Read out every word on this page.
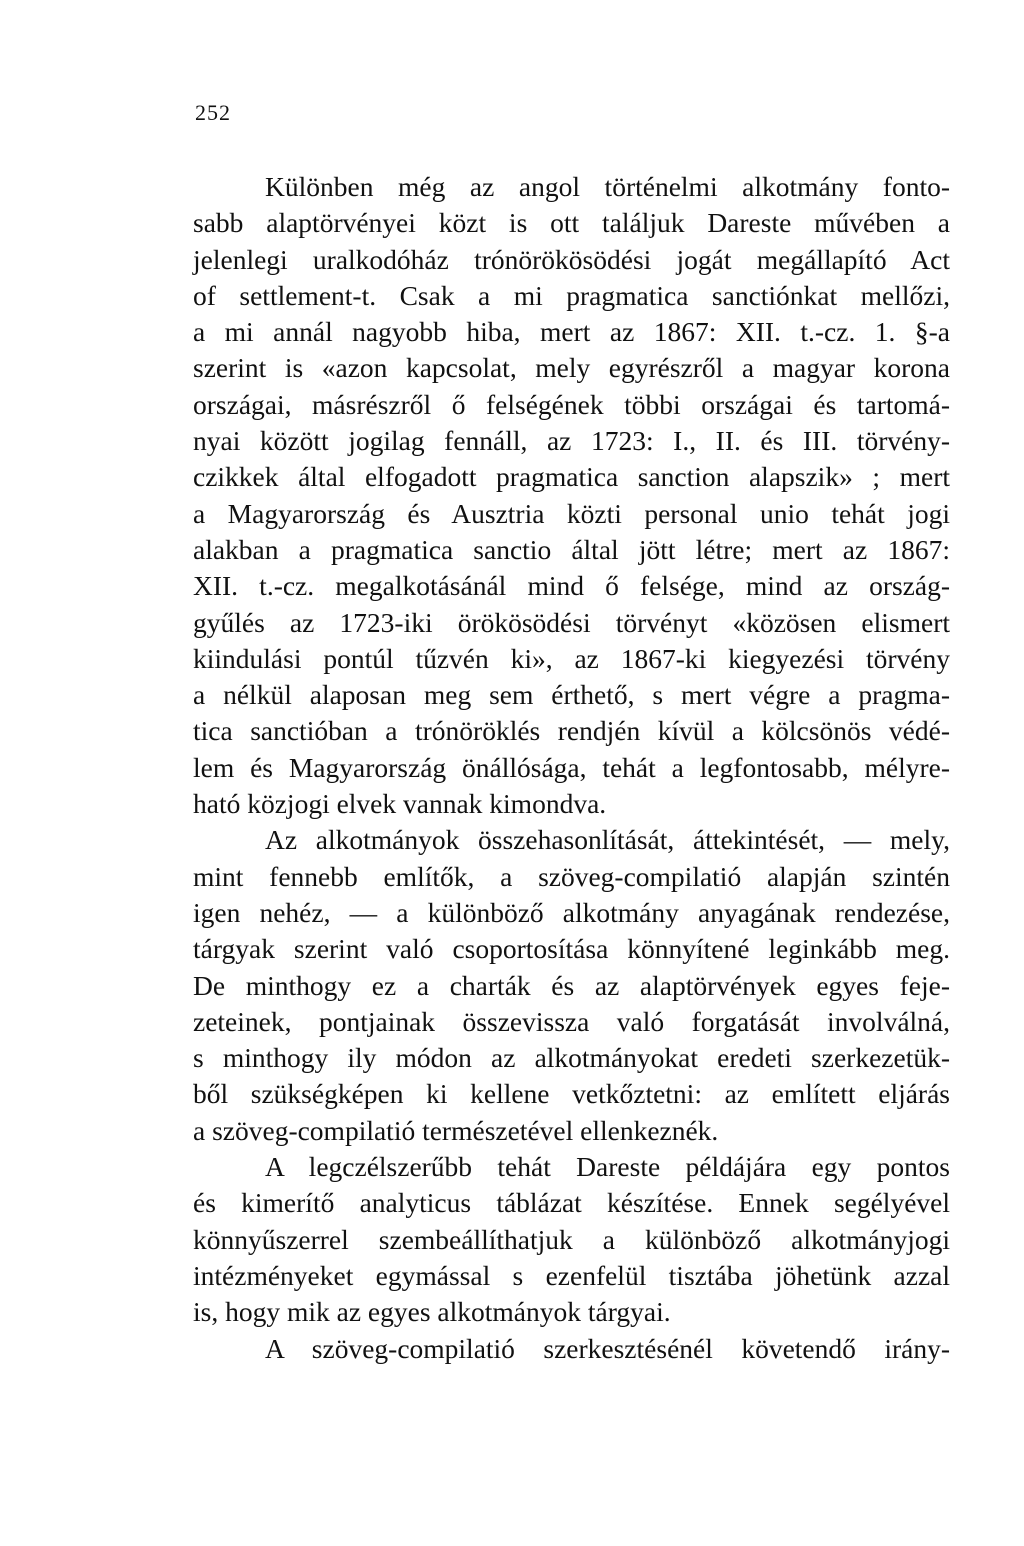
252
Különben még az angol történelmi alkotmány fonto-
sabb alaptörvényei közt is ott találjuk Dareste művében a
jelenlegi uralkodóház trónörökösödési jogát megállapító Act
of settlement-t. Csak a mi pragmatica sanctiónkat mellőzi,
a mi annál nagyobb hiba, mert az 1867: XII. t.-cz. 1. §-a
szerint is «azon kapcsolat, mely egyrészről a magyar korona
országai, másrészről ő felségének többi országai és tartomá-
nyai között jogilag fennáll, az 1723: I., II. és III. törvény-
czikkek által elfogadott pragmatica sanction alapszik» ; mert
a Magyarország és Ausztria közti personal unio tehát jogi
alakban a pragmatica sanctio által jött létre; mert az 1867:
XII. t.-cz. megalkotásánál mind ő felsége, mind az ország-
gyűlés az 1723-iki örökösödési törvényt «közösen elismert
kiindulási pontúl tűzvén ki», az 1867-ki kiegyezési törvény
a nélkül alaposan meg sem érthető, s mert végre a pragma-
tica sanctióban a trónöröklés rendjén kívül a kölcsönös védé-
lem és Magyarország önállósága, tehát a legfontosabb, mélyre-
ható közjogi elvek vannak kimondva.
Az alkotmányok összehasonlítását, áttekintését, — mely,
mint fennebb említők, a szöveg-compilatió alapján szintén
igen nehéz, — a különböző alkotmány anyagának rendezése,
tárgyak szerint való csoportosítása könnyítené leginkább meg.
De minthogy ez a charták és az alaptörvények egyes feje-
zeteinek, pontjainak összevissza való forgatását involválná,
s minthogy ily módon az alkotmányokat eredeti szerkezetük-
ből szükségképen ki kellene vetkőztetni: az említett eljárás
a szöveg-compilatió természetével ellenkeznék.
A legczélszerűbb tehát Dareste példájára egy pontos
és kimerítő analyticus táblázat készítése. Ennek segélyével
könnyűszerrel szembeállíthatjuk a különböző alkotmányjogi
intézményeket egymással s ezenfelül tisztába jöhetünk azzal
is, hogy mik az egyes alkotmányok tárgyai.
A szöveg-compilatió szerkesztésénél követendő irány-
